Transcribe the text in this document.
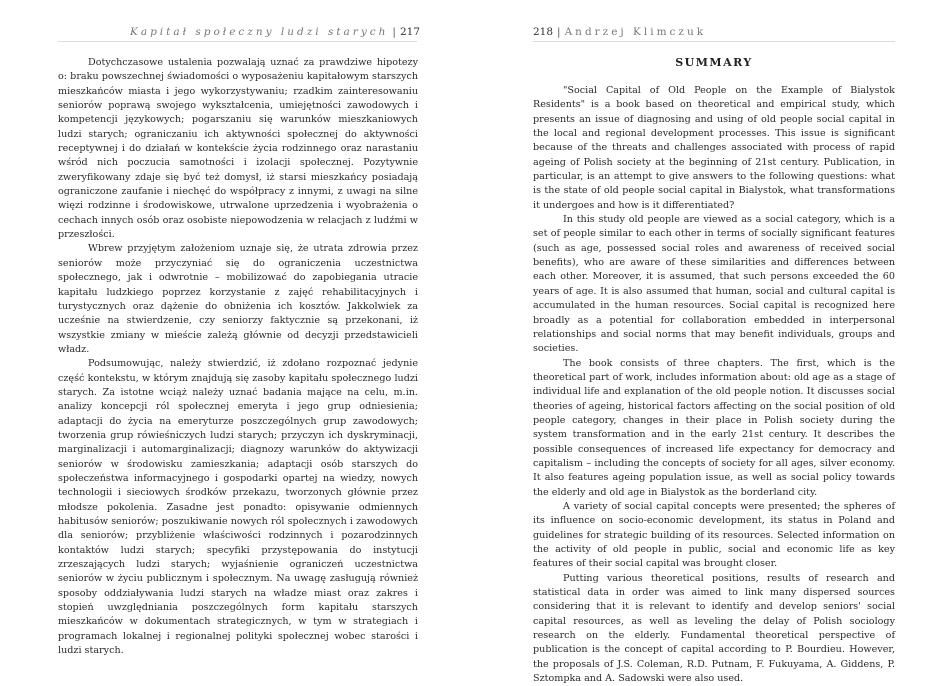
Kapitał społeczny ludzi starych | 217

Dotychczasowe ustalenia pozwalają uznać za prawdziwe hipotezy o: braku powszechnej świadomości o wyposażeniu kapitałowym starszych mieszkańców miasta i jego wykorzystywaniu; rzadkim zainteresowaniu seniorów poprawą swojego wykształcenia, umiejętności zawodowych i kompetencji językowych; pogarszaniu się warunków mieszkaniowych ludzi starych; ograniczaniu ich aktywności społecznej do aktywności receptywnej i do działań w kontekście życia rodzinnego oraz narastaniu wśród nich poczucia samotności i izolacji społecznej. Pozytywnie zweryfikowany zdaje się być też domysł, iż starsi mieszkańcy posiadają ograniczone zaufanie i niechęć do współpracy z innymi, z uwagi na silne więzi rodzinne i środowiskowe, utrwalone uprzedzenia i wyobrażenia o cechach innych osób oraz osobiste niepowodzenia w relacjach z ludźmi w przeszłości.

Wbrew przyjętym założeniom uznaje się, że utrata zdrowia przez seniorów może przyczyniać się do ograniczenia uczestnictwa społecznego, jak i odwrotnie – mobilizować do zapobiegania utracie kapitału ludzkiego poprzez korzystanie z zajęć rehabilitacyjnych i turystycznych oraz dążenie do obniżenia ich kosztów. Jakkolwiek za ucześnie na stwierdzenie, czy seniorzy faktycznie są przekonani, iż wszystkie zmiany w mieście zależą głównie od decyzji przedstawicieli władz.

Podsumowując, należy stwierdzić, iż zdołano rozpoznać jedynie część kontekstu, w którym znajdują się zasoby kapitału społecznego ludzi starych. Za istotne wciąż należy uznać badania mające na celu, m.in. analizy koncepcji ról społecznej emeryta i jego grup odniesienia; adaptacji do życia na emeryturze poszczególnych grup zawodowych; tworzenia grup rówieśniczych ludzi starych; przyczyn ich dyskryminacji, marginalizacji i automarginalizacji; diagnozy warunków do aktywizacji seniorów w środowisku zamieszkania; adaptacji osób starszych do społeczeństwa informacyjnego i gospodarki opartej na wiedzy, nowych technologii i sieciowych środków przekazu, tworzonych głównie przez młodsze pokolenia. Zasadne jest ponadto: opisywanie odmiennych habitusów seniorów; poszukiwanie nowych ról społecznych i zawodowych dla seniorów; przybliżenie właściwości rodzinnych i pozarodzinnych kontaktów ludzi starych; specyfiki przystępowania do instytucji zrzeszających ludzi starych; wyjaśnienie ograniczeń uczestnictwa seniorów w życiu publicznym i społecznym. Na uwagę zasługują również sposoby oddziaływania ludzi starych na władze miast oraz zakres i stopień uwzględniania poszczególnych form kapitału starszych mieszkańców w dokumentach strategicznych, w tym w strategiach i programach lokalnej i regionalnej polityki społecznej wobec starości i ludzi starych.

218 | Andrzej Klimczuk
SUMMARY

"Social Capital of Old People on the Example of Bialystok Residents" is a book based on theoretical and empirical study, which presents an issue of diagnosing and using of old people social capital in the local and regional development processes. This issue is significant because of the threats and challenges associated with process of rapid ageing of Polish society at the beginning of 21st century. Publication, in particular, is an attempt to give answers to the following questions: what is the state of old people social capital in Bialystok, what transformations it undergoes and how is it differentiated?

In this study old people are viewed as a social category, which is a set of people similar to each other in terms of socially significant features (such as age, possessed social roles and awareness of received social benefits), who are aware of these similarities and differences between each other. Moreover, it is assumed, that such persons exceeded the 60 years of age. It is also assumed that human, social and cultural capital is accumulated in the human resources. Social capital is recognized here broadly as a potential for collaboration embedded in interpersonal relationships and social norms that may benefit individuals, groups and societies.

The book consists of three chapters. The first, which is the theoretical part of work, includes information about: old age as a stage of individual life and explanation of the old people notion. It discusses social theories of ageing, historical factors affecting on the social position of old people category, changes in their place in Polish society during the system transformation and in the early 21st century. It describes the possible consequences of increased life expectancy for democracy and capitalism – including the concepts of society for all ages, silver economy. It also features ageing population issue, as well as social policy towards the elderly and old age in Bialystok as the borderland city.

A variety of social capital concepts were presented; the spheres of its influence on socio-economic development, its status in Poland and guidelines for strategic building of its resources. Selected information on the activity of old people in public, social and economic life as key features of their social capital was brought closer.

Putting various theoretical positions, results of research and statistical data in order was aimed to link many dispersed sources considering that it is relevant to identify and develop seniors' social capital resources, as well as leveling the delay of Polish sociology research on the elderly. Fundamental theoretical perspective of publication is the concept of capital according to P. Bourdieu. However, the proposals of J.S. Coleman, R.D. Putnam, F. Fukuyama, A. Giddens, P. Sztompka and A. Sadowski were also used.
